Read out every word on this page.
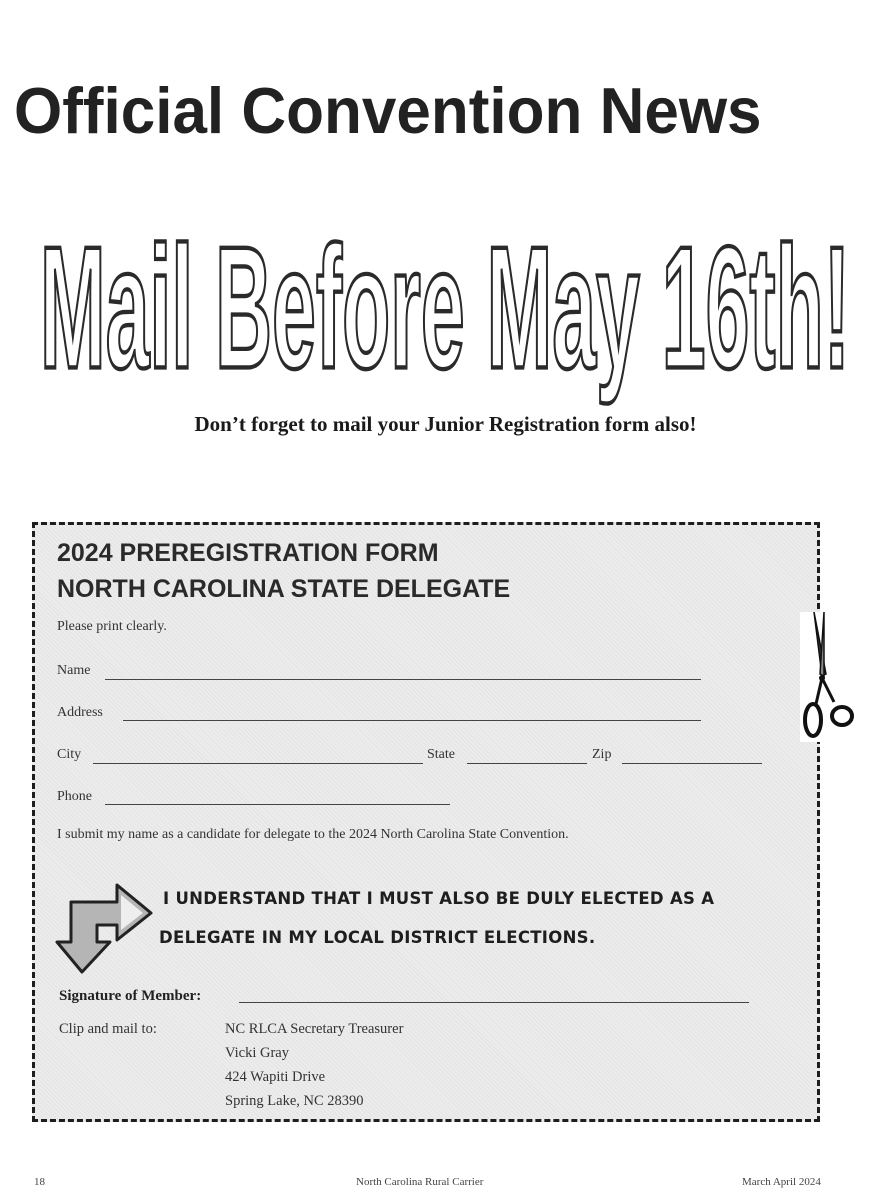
Official Convention News
Mail Before May 16th!
Don’t forget to mail your Junior Registration form also!
2024 PREREGISTRATION FORM
NORTH CAROLINA STATE DELEGATE
Please print clearly.
Name
Address
City	State	Zip
Phone
I submit my name as a candidate for delegate to the 2024 North Carolina State Convention.
I UNDERSTAND THAT I MUST ALSO BE DULY ELECTED AS A
DELEGATE IN MY LOCAL DISTRICT ELECTIONS.
Signature of Member:
Clip and mail to:	NC RLCA Secretary Treasurer
Vicki Gray
424 Wapiti Drive
Spring Lake, NC 28390
18	North Carolina Rural Carrier	March April 2024
